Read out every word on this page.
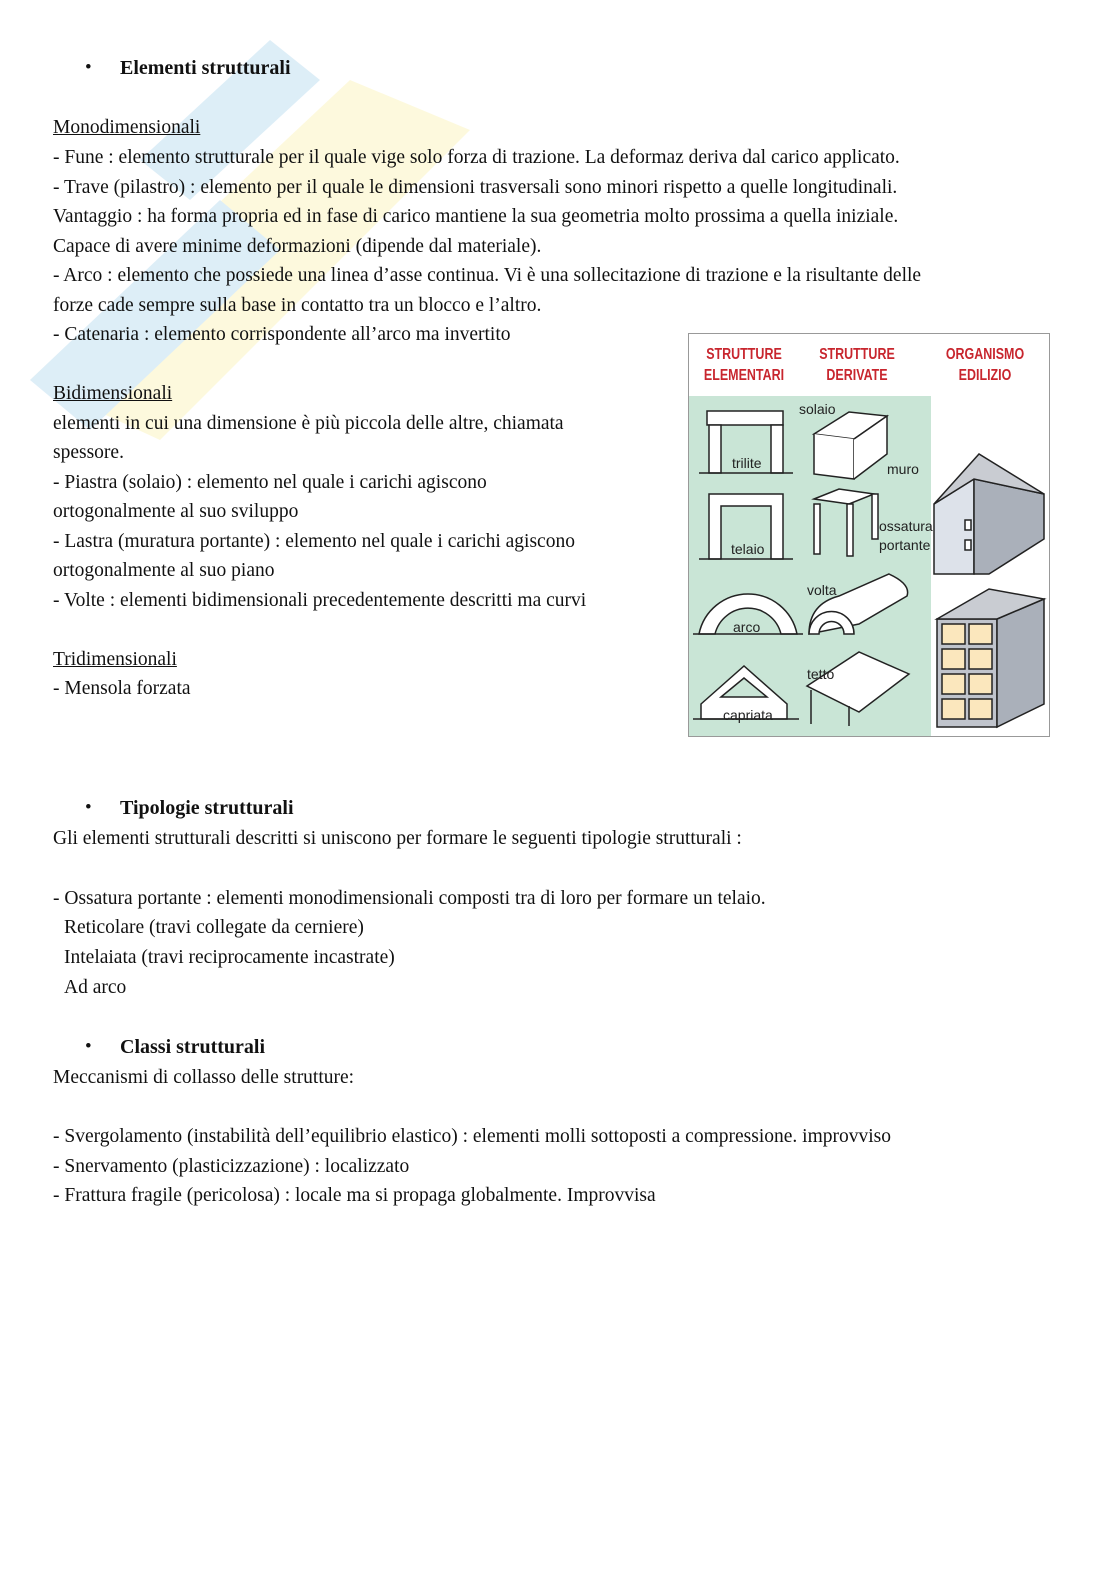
• Elementi strutturali
Monodimensionali
- Fune : elemento strutturale per il quale vige solo forza di trazione. La deformaz deriva dal carico applicato.
- Trave (pilastro) : elemento per il quale le dimensioni trasversali sono minori rispetto a quelle longitudinali.
Vantaggio : ha forma propria ed in fase di carico mantiene la sua geometria molto prossima a quella iniziale.
Capace di avere minime deformazioni (dipende dal materiale).
- Arco : elemento che possiede una linea d’asse continua. Vi è una sollecitazione di trazione e la risultante delle
forze cade sempre sulla base in contatto tra un blocco e l’altro.
- Catenaria : elemento corrispondente all’arco ma invertito
Bidimensionali
elementi in cui una dimensione è più piccola delle altre, chiamata
spessore.
- Piastra (solaio) : elemento nel quale i carichi agiscono
ortogonalmente al suo sviluppo
- Lastra (muratura portante) : elemento nel quale i carichi agiscono
ortogonalmente al suo piano
- Volte : elementi bidimensionali precedentemente descritti ma curvi
Tridimensionali
- Mensola forzata
STRUTTURE ELEMENTARI
STRUTTURE DERIVATE
ORGANISMO EDILIZIO
trilite
telaio
arco
capriata
solaio
muro
ossatura
portante
volta
tetto
• Tipologie strutturali
Gli elementi strutturali descritti si uniscono per formare le seguenti tipologie strutturali :
- Ossatura portante : elementi monodimensionali composti tra di loro per formare un telaio.
Reticolare (travi collegate da cerniere)
Intelaiata (travi reciprocamente incastrate)
Ad arco
• Classi strutturali
Meccanismi di collasso delle strutture:
- Svergolamento (instabilità dell’equilibrio elastico) : elementi molli sottoposti a compressione. improvviso
- Snervamento (plasticizzazione) : localizzato
- Frattura fragile (pericolosa) : locale ma si propaga globalmente. Improvvisa
